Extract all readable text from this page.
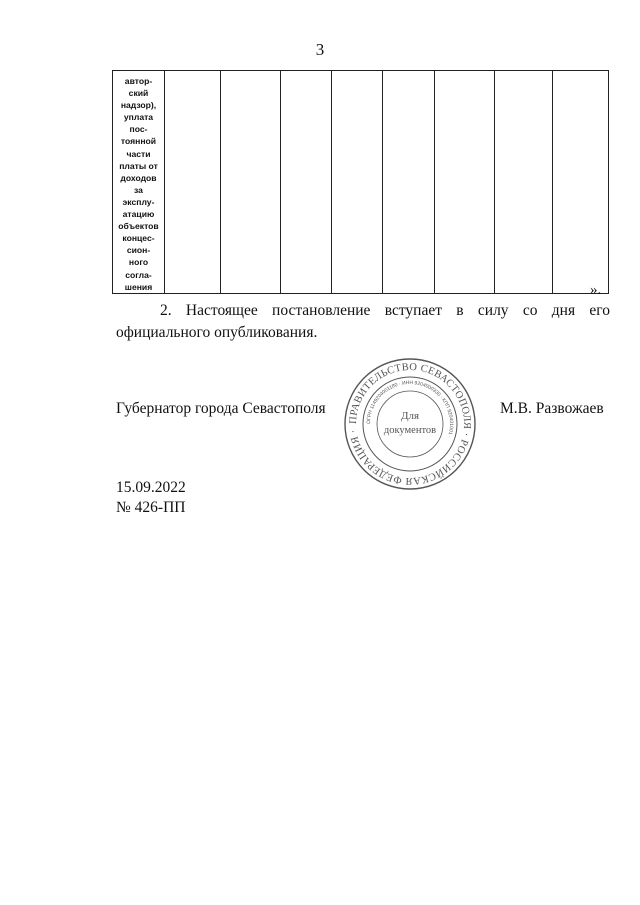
3
автор-
ский
надзор),
уплата
пос-
тоянной
части
платы от
доходов
за
эксплу-
атацию
объектов
концес-
сион-
ного
согла-
шения
									».
2. Настоящее постановление вступает в силу со дня его официального опубликования.
Губернатор города Севастополя
ПРАВИТЕЛЬСТВО СЕВАСТОПОЛЯ · РОССИЙСКАЯ ФЕДЕРАЦИЯ ·
ОГРН 1149204001180 · ИНН 9204000330 · КПП 920401001 ·
Для
документов
М.В. Развожаев
15.09.2022
№ 426-ПП
